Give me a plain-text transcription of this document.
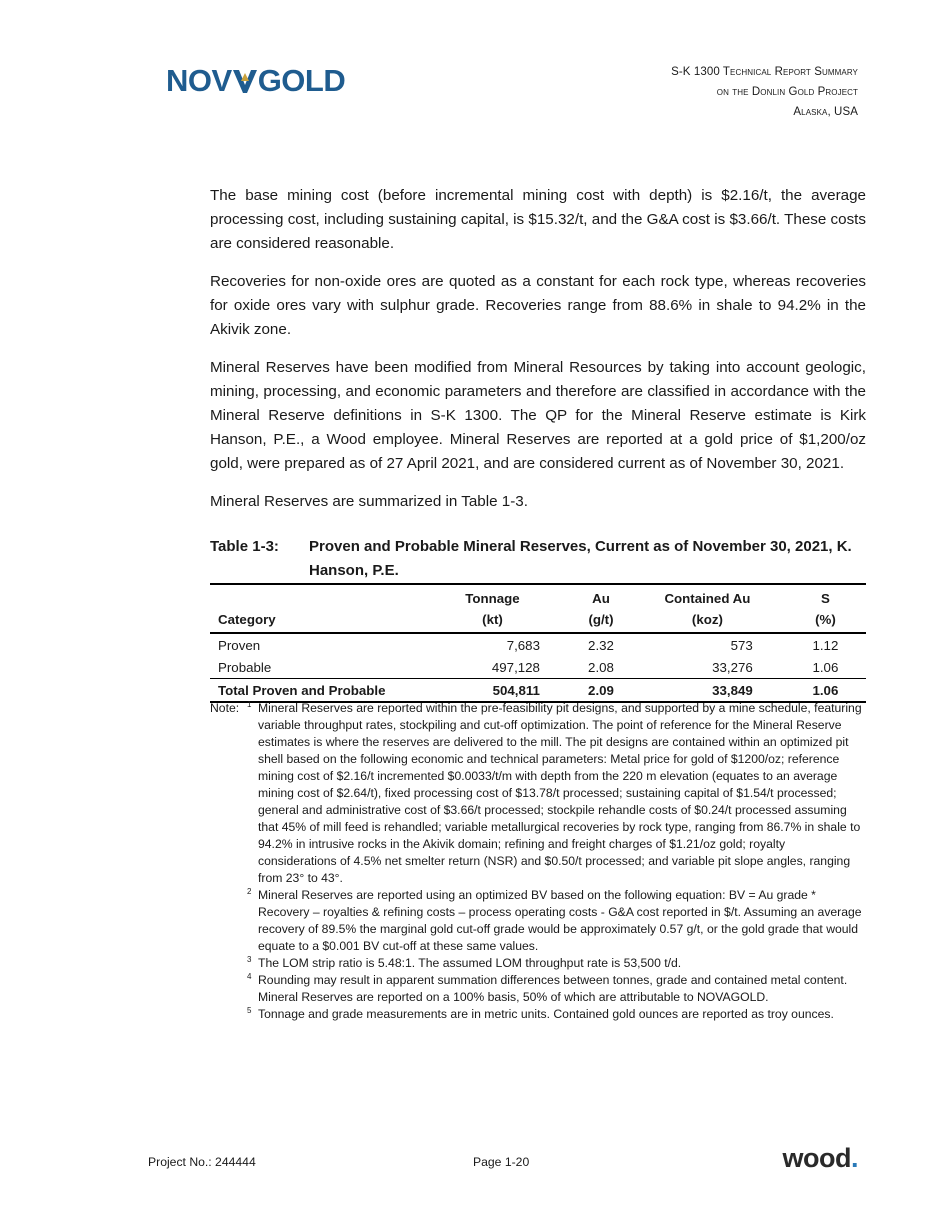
NOV GOLD	S-K 1300 Technical Report Summary
on the Donlin Gold Project
Alaska, USA

The base mining cost (before incremental mining cost with depth) is $2.16/t, the average processing cost, including sustaining capital, is $15.32/t, and the G&A cost is $3.66/t. These costs are considered reasonable.

Recoveries for non-oxide ores are quoted as a constant for each rock type, whereas recoveries for oxide ores vary with sulphur grade. Recoveries range from 88.6% in shale to 94.2% in the Akivik zone.

Mineral Reserves have been modified from Mineral Resources by taking into account geologic, mining, processing, and economic parameters and therefore are classified in accordance with the Mineral Reserve definitions in S-K 1300. The QP for the Mineral Reserve estimate is Kirk Hanson, P.E., a Wood employee. Mineral Reserves are reported at a gold price of $1,200/oz gold, were prepared as of 27 April 2021, and are considered current as of November 30, 2021.

Mineral Reserves are summarized in Table 1-3.

Table 1-3: Proven and Probable Mineral Reserves, Current as of November 30, 2021, K. Hanson, P.E.
	Tonnage	Au	Contained Au	S
Category	(kt)	(g/t)	(koz)	(%)
Proven	7,683	2.32	573	1.12
Probable	497,128	2.08	33,276	1.06
Total Proven and Probable	504,811	2.09	33,849	1.06
Note: 1 Mineral Reserves are reported within the pre-feasibility pit designs, and supported by a mine schedule, featuring variable throughput rates, stockpiling and cut-off optimization. The point of reference for the Mineral Reserve estimates is where the reserves are delivered to the mill. The pit designs are contained within an optimized pit shell based on the following economic and technical parameters: Metal price for gold of $1200/oz; reference mining cost of $2.16/t incremented $0.0033/t/m with depth from the 220 m elevation (equates to an average mining cost of $2.64/t), fixed processing cost of $13.78/t processed; sustaining capital of $1.54/t processed; general and administrative cost of $3.66/t processed; stockpile rehandle costs of $0.24/t processed assuming that 45% of mill feed is rehandled; variable metallurgical recoveries by rock type, ranging from 86.7% in shale to 94.2% in intrusive rocks in the Akivik domain; refining and freight charges of $1.21/oz gold; royalty considerations of 4.5% net smelter return (NSR) and $0.50/t processed; and variable pit slope angles, ranging from 23° to 43°.
2 Mineral Reserves are reported using an optimized BV based on the following equation: BV = Au grade * Recovery – royalties & refining costs – process operating costs - G&A cost reported in $/t. Assuming an average recovery of 89.5% the marginal gold cut-off grade would be approximately 0.57 g/t, or the gold grade that would equate to a $0.001 BV cut-off at these same values.
3 The LOM strip ratio is 5.48:1. The assumed LOM throughput rate is 53,500 t/d.
4 Rounding may result in apparent summation differences between tonnes, grade and contained metal content. Mineral Reserves are reported on a 100% basis, 50% of which are attributable to NOVAGOLD.
5 Tonnage and grade measurements are in metric units. Contained gold ounces are reported as troy ounces.
Project No.: 244444	Page 1-20	wood.
